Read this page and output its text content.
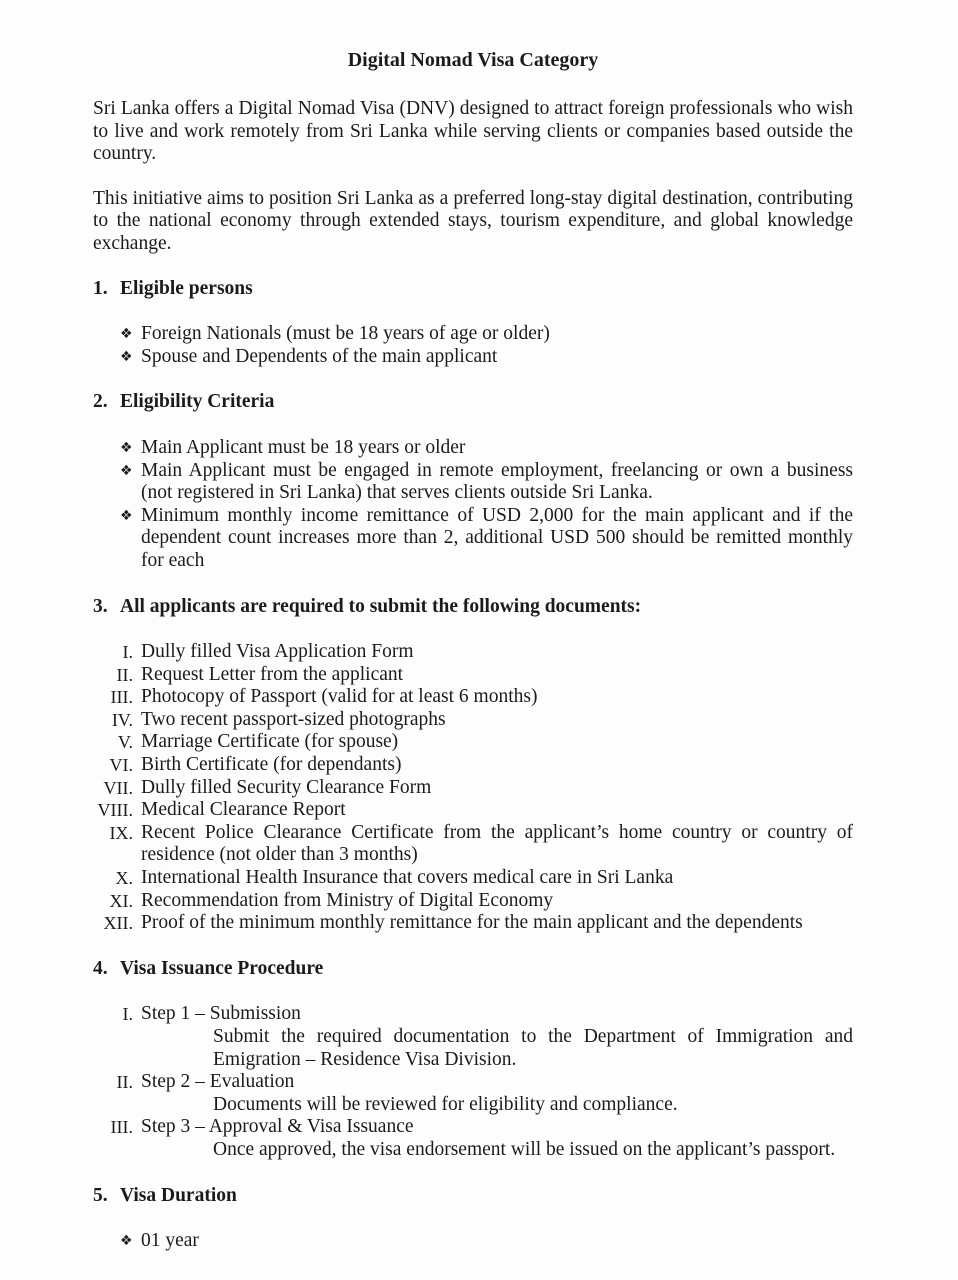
Digital Nomad Visa Category

Sri Lanka offers a Digital Nomad Visa (DNV) designed to attract foreign professionals who wish to live and work remotely from Sri Lanka while serving clients or companies based outside the country.

This initiative aims to position Sri Lanka as a preferred long-stay digital destination, contributing to the national economy through extended stays, tourism expenditure, and global knowledge exchange.

1. Eligible persons
❖ Foreign Nationals (must be 18 years of age or older)
❖ Spouse and Dependents of the main applicant
2. Eligibility Criteria
❖ Main Applicant must be 18 years or older
❖ Main Applicant must be engaged in remote employment, freelancing or own a business (not registered in Sri Lanka) that serves clients outside Sri Lanka.
❖ Minimum monthly income remittance of USD 2,000 for the main applicant and if the dependent count increases more than 2, additional USD 500 should be remitted monthly for each
3. All applicants are required to submit the following documents:
I. Dully filled Visa Application Form
II. Request Letter from the applicant
III. Photocopy of Passport (valid for at least 6 months)
IV. Two recent passport-sized photographs
V. Marriage Certificate (for spouse)
VI. Birth Certificate (for dependants)
VII. Dully filled Security Clearance Form
VIII. Medical Clearance Report
IX. Recent Police Clearance Certificate from the applicant’s home country or country of residence (not older than 3 months)
X. International Health Insurance that covers medical care in Sri Lanka
XI. Recommendation from Ministry of Digital Economy
XII. Proof of the minimum monthly remittance for the main applicant and the dependents
4. Visa Issuance Procedure
I. Step 1 – Submission
Submit the required documentation to the Department of Immigration and Emigration – Residence Visa Division.
II. Step 2 – Evaluation
Documents will be reviewed for eligibility and compliance.
III. Step 3 – Approval & Visa Issuance
Once approved, the visa endorsement will be issued on the applicant’s passport.
5. Visa Duration
❖ 01 year
